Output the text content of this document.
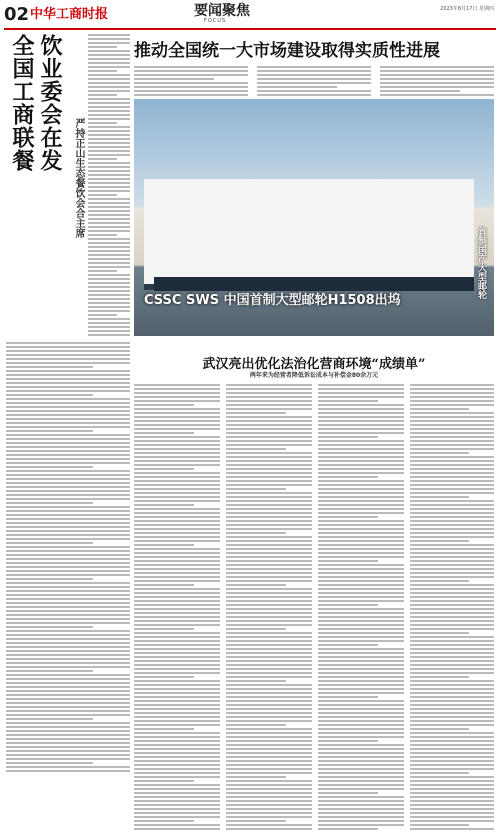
02 中华工商时报	要闻聚焦
FOCUS
2023年8月17日 星期四
全国工商联餐 饮业委会在发
严持正山生态餐饮会合主席
推动全国统一大市场建设取得实质性进展
CSSC SWS 中国首制大型邮轮H1508出坞
首制国产大型邮轮
武汉亮出优化法治化营商环境“成绩单”
两年来为经营者降低诉讼成本与补偿金80余万元
